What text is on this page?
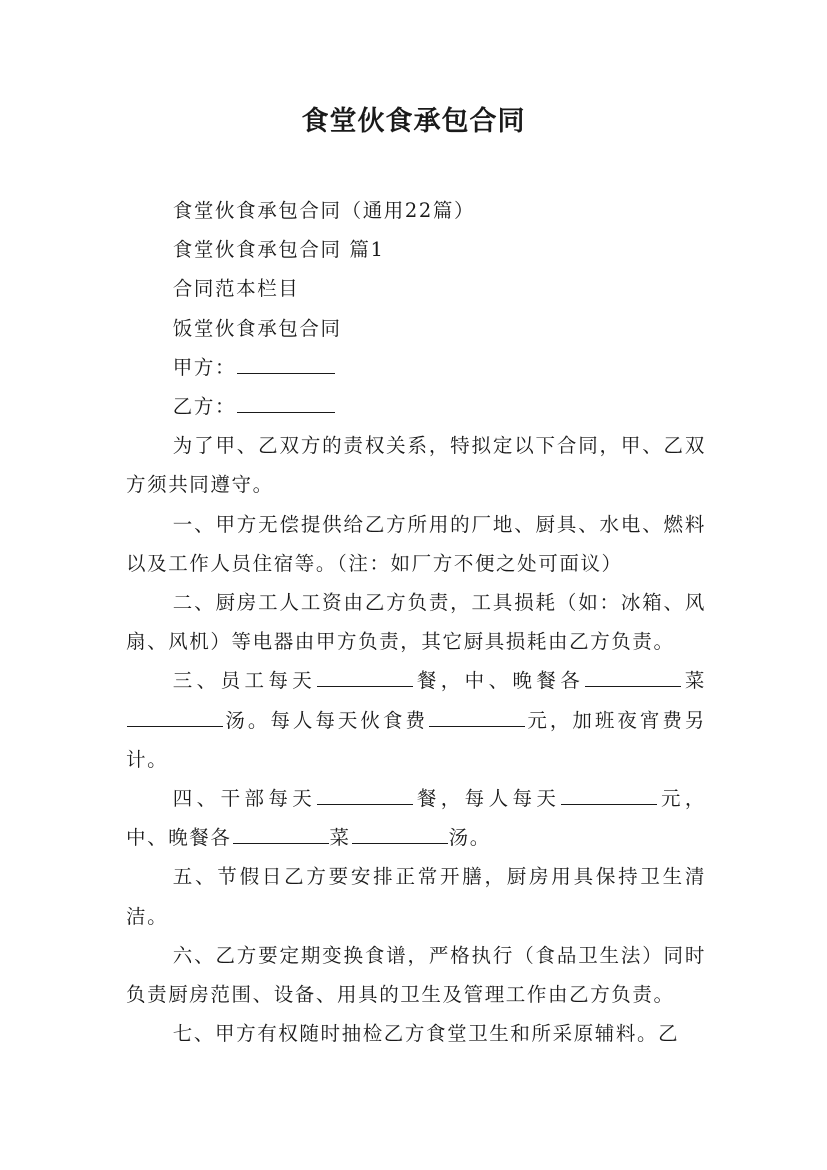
食堂伙食承包合同

食堂伙食承包合同（通用22篇）

食堂伙食承包合同 篇1

合同范本栏目

饭堂伙食承包合同

甲方：

乙方：

为了甲、乙双方的责权关系，特拟定以下合同，甲、乙双方须共同遵守。

一、甲方无偿提供给乙方所用的厂地、厨具、水电、燃料以及工作人员住宿等。（注：如厂方不便之处可面议）

二、厨房工人工资由乙方负责，工具损耗（如：冰箱、风扇、风机）等电器由甲方负责，其它厨具损耗由乙方负责。

三、员工每天	餐，中、晚餐各	菜汤。每人每天伙食费	元，加班夜宵费另计。

四、干部每天	餐，每人每天	元，中、晚餐各	菜	汤。

五、节假日乙方要安排正常开膳，厨房用具保持卫生清洁。

六、乙方要定期变换食谱，严格执行（食品卫生法）同时负责厨房范围、设备、用具的卫生及管理工作由乙方负责。

七、甲方有权随时抽检乙方食堂卫生和所采原辅料。乙
